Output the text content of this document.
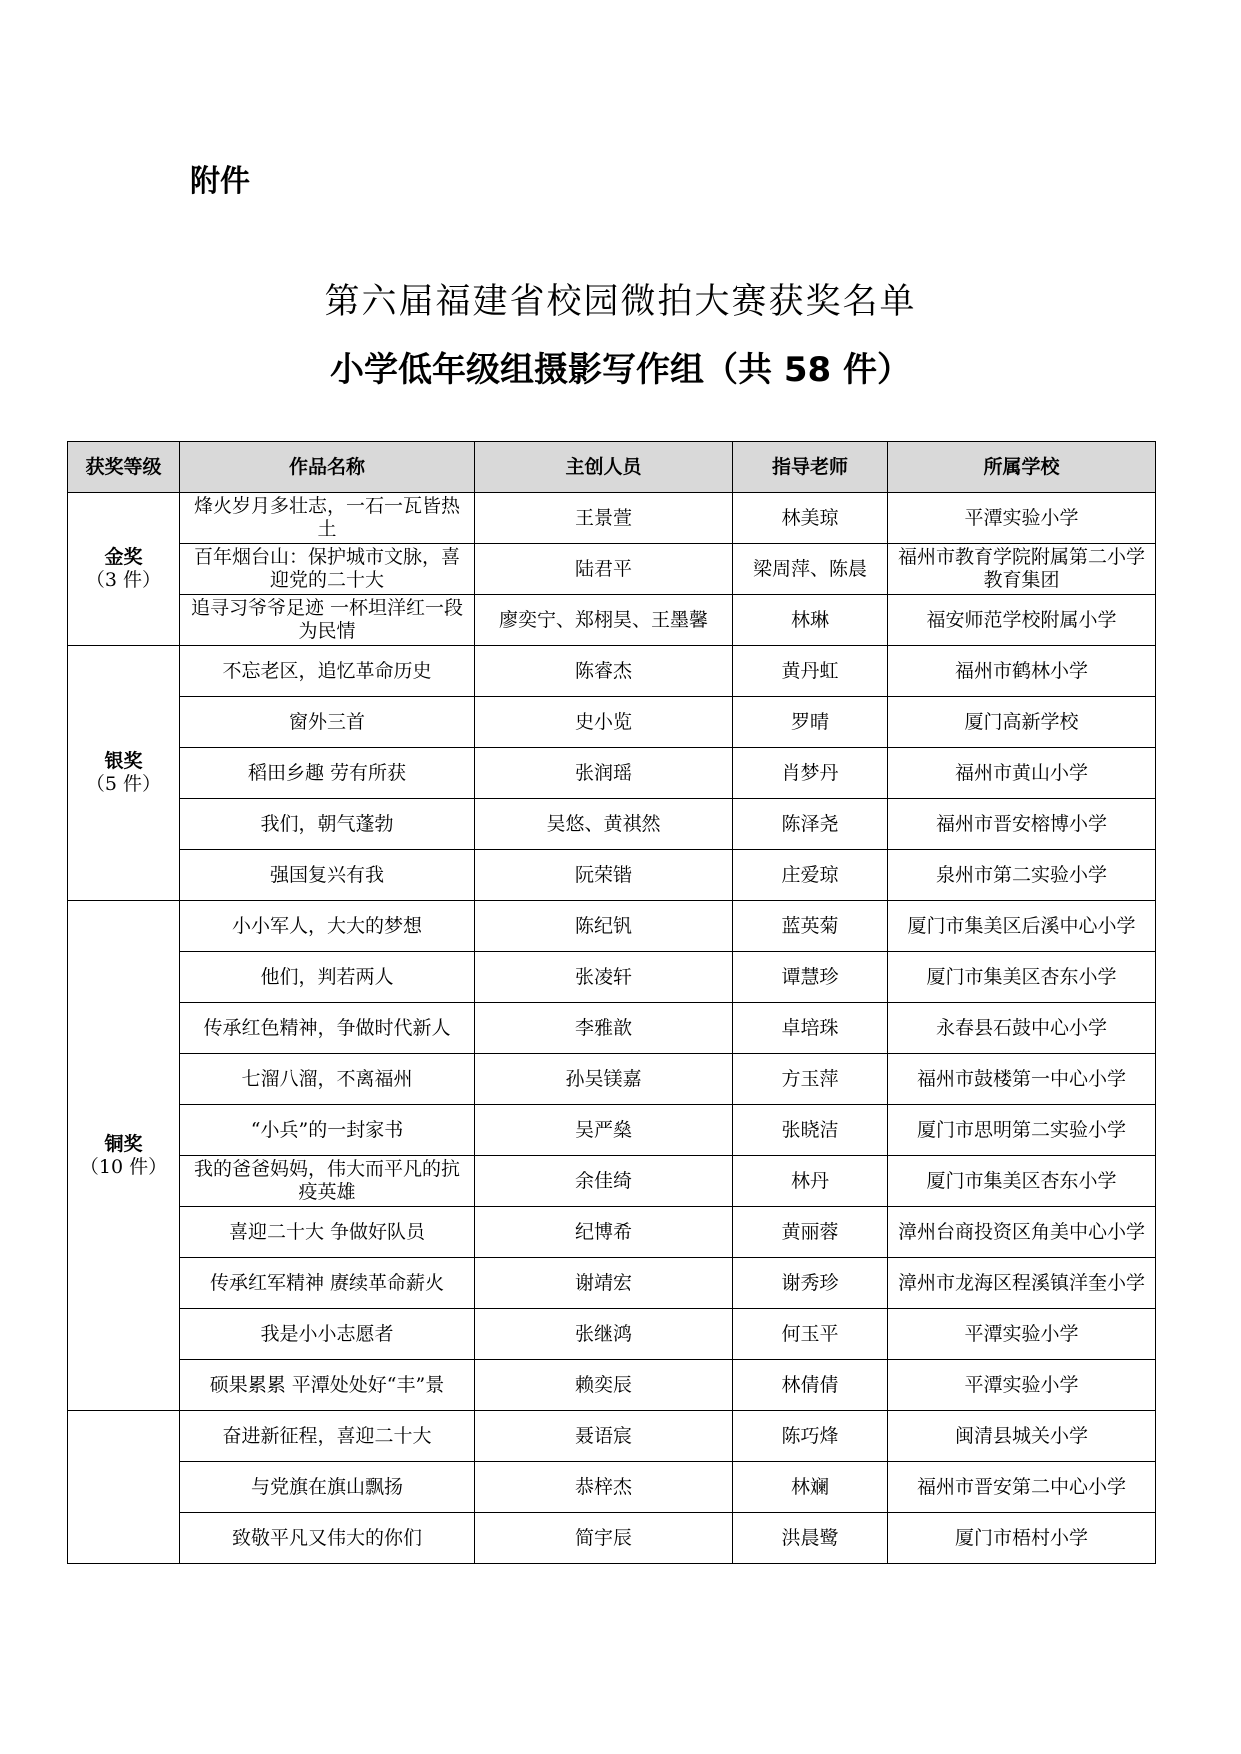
附件
第六届福建省校园微拍大赛获奖名单
小学低年级组摄影写作组（共 58 件）
获奖等级	作品名称	主创人员	指导老师	所属学校

金奖
（3 件）	烽火岁月多壮志，一石一瓦皆热土	王景萱	林美琼	平潭实验小学
	百年烟台山：保护城市文脉，喜迎党的二十大	陆君平	梁周萍、陈晨	福州市教育学院附属第二小学教育集团
	追寻习爷爷足迹 一杯坦洋红一段为民情	廖奕宁、郑栩昊、王墨馨	林琳	福安师范学校附属小学

银奖
（5 件）	不忘老区，追忆革命历史	陈睿杰	黄丹虹	福州市鹤林小学
	窗外三首	史小览	罗晴	厦门高新学校
	稻田乡趣 劳有所获	张润瑶	肖梦丹	福州市黄山小学
	我们，朝气蓬勃	吴悠、黄祺然	陈泽尧	福州市晋安榕博小学
	强国复兴有我	阮荣锴	庄爱琼	泉州市第二实验小学

铜奖
（10 件）	小小军人，大大的梦想	陈纪钒	蓝英菊	厦门市集美区后溪中心小学
	他们，判若两人	张凌轩	谭慧珍	厦门市集美区杏东小学
	传承红色精神，争做时代新人	李雅歆	卓培珠	永春县石鼓中心小学
	七溜八溜，不离福州	孙吴镁嘉	方玉萍	福州市鼓楼第一中心小学
	“小兵”的一封家书	吴严燊	张晓洁	厦门市思明第二实验小学
	我的爸爸妈妈，伟大而平凡的抗疫英雄	余佳绮	林丹	厦门市集美区杏东小学
	喜迎二十大 争做好队员	纪博希	黄丽蓉	漳州台商投资区角美中心小学
	传承红军精神 赓续革命薪火	谢靖宏	谢秀珍	漳州市龙海区程溪镇洋奎小学
	我是小小志愿者	张继鸿	何玉平	平潭实验小学
	硕果累累 平潭处处好“丰”景	赖奕辰	林倩倩	平潭实验小学

	奋进新征程，喜迎二十大	聂语宸	陈巧烽	闽清县城关小学
	与党旗在旗山飘扬	恭梓杰	林斓	福州市晋安第二中心小学
	致敬平凡又伟大的你们	简宇辰	洪晨鹭	厦门市梧村小学
